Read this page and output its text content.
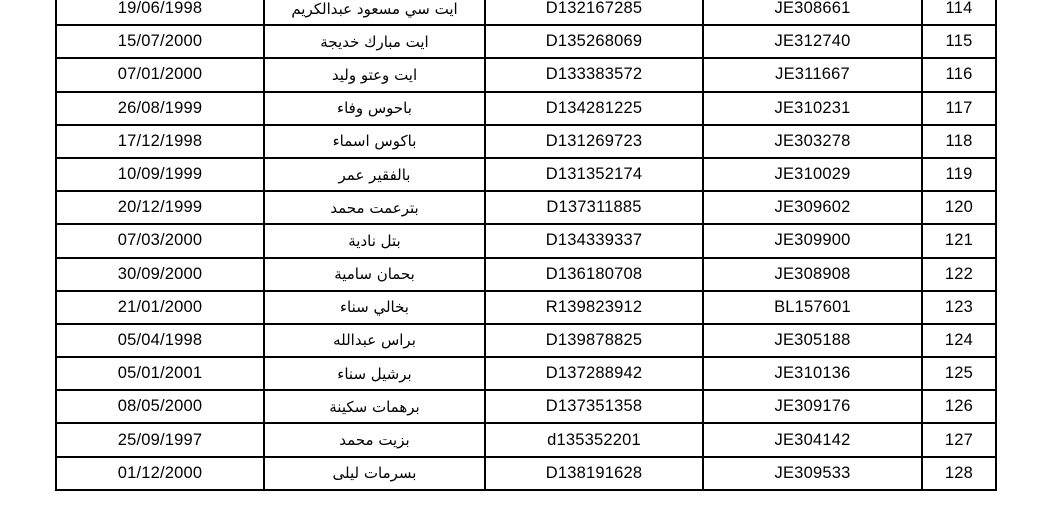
19/06/1998	ايت سي مسعود عبدالكريم	D132167285	JE308661	114
15/07/2000	ايت مبارك خديجة	D135268069	JE312740	115
07/01/2000	ايت وعتو وليد	D133383572	JE311667	116
26/08/1999	باحوس وفاء	D134281225	JE310231	117
17/12/1998	باكوس اسماء	D131269723	JE303278	118
10/09/1999	بالفقير عمر	D131352174	JE310029	119
20/12/1999	بترعمت محمد	D137311885	JE309602	120
07/03/2000	بتل نادية	D134339337	JE309900	121
30/09/2000	بحمان سامية	D136180708	JE308908	122
21/01/2000	بخالي سناء	R139823912	BL157601	123
05/04/1998	براس عبدالله	D139878825	JE305188	124
05/01/2001	برشيل سناء	D137288942	JE310136	125
08/05/2000	برهمات سكينة	D137351358	JE309176	126
25/09/1997	بزيت محمد	d135352201	JE304142	127
01/12/2000	بسرمات ليلى	D138191628	JE309533	128
